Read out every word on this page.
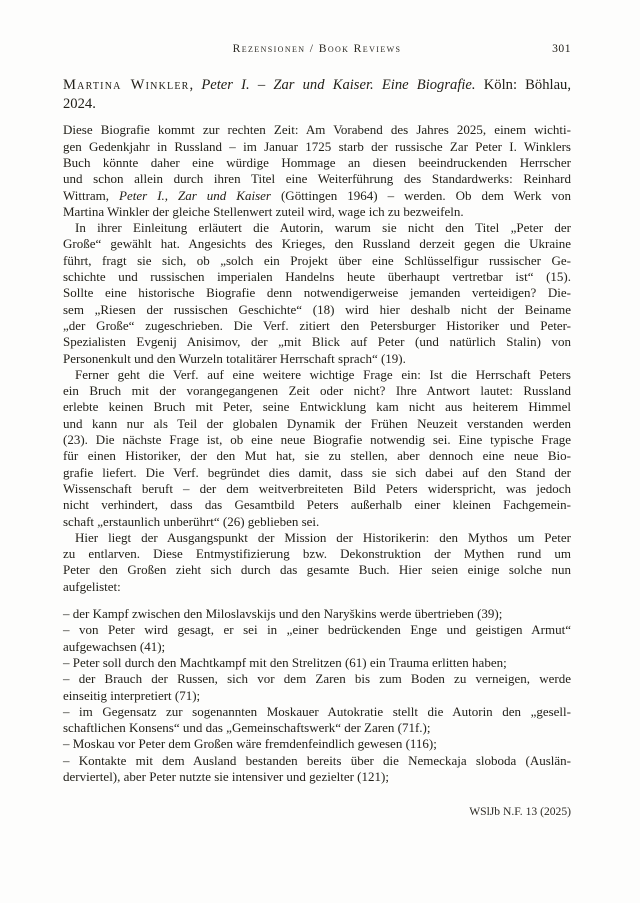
Rezensionen / Book Reviews	301
Martina Winkler, Peter I. – Zar und Kaiser. Eine Biografie. Köln: Böhlau,
2024.
Diese Biografie kommt zur rechten Zeit: Am Vorabend des Jahres 2025, einem wichti-
gen Gedenkjahr in Russland – im Januar 1725 starb der russische Zar Peter I. Winklers
Buch könnte daher eine würdige Hommage an diesen beeindruckenden Herrscher
und schon allein durch ihren Titel eine Weiterführung des Standardwerks: Reinhard
Wittram, Peter I., Zar und Kaiser (Göttingen 1964) – werden. Ob dem Werk von
Martina Winkler der gleiche Stellenwert zuteil wird, wage ich zu bezweifeln.
In ihrer Einleitung erläutert die Autorin, warum sie nicht den Titel „Peter der
Große“ gewählt hat. Angesichts des Krieges, den Russland derzeit gegen die Ukraine
führt, fragt sie sich, ob „solch ein Projekt über eine Schlüsselfigur russischer Ge-
schichte und russischen imperialen Handelns heute überhaupt vertretbar ist“ (15).
Sollte eine historische Biografie denn notwendigerweise jemanden verteidigen? Die-
sem „Riesen der russischen Geschichte“ (18) wird hier deshalb nicht der Beiname
„der Große“ zugeschrieben. Die Verf. zitiert den Petersburger Historiker und Peter-
Spezialisten Evgenij Anisimov, der „mit Blick auf Peter (und natürlich Stalin) von
Personenkult und den Wurzeln totalitärer Herrschaft sprach“ (19).
Ferner geht die Verf. auf eine weitere wichtige Frage ein: Ist die Herrschaft Peters
ein Bruch mit der vorangegangenen Zeit oder nicht? Ihre Antwort lautet: Russland
erlebte keinen Bruch mit Peter, seine Entwicklung kam nicht aus heiterem Himmel
und kann nur als Teil der globalen Dynamik der Frühen Neuzeit verstanden werden
(23). Die nächste Frage ist, ob eine neue Biografie notwendig sei. Eine typische Frage
für einen Historiker, der den Mut hat, sie zu stellen, aber dennoch eine neue Bio-
grafie liefert. Die Verf. begründet dies damit, dass sie sich dabei auf den Stand der
Wissenschaft beruft – der dem weitverbreiteten Bild Peters widerspricht, was jedoch
nicht verhindert, dass das Gesamtbild Peters außerhalb einer kleinen Fachgemein-
schaft „erstaunlich unberührt“ (26) geblieben sei.
Hier liegt der Ausgangspunkt der Mission der Historikerin: den Mythos um Peter
zu entlarven. Diese Entmystifizierung bzw. Dekonstruktion der Mythen rund um
Peter den Großen zieht sich durch das gesamte Buch. Hier seien einige solche nun
aufgelistet:
– der Kampf zwischen den Miloslavskijs und den Naryškins werde übertrieben (39);
– von Peter wird gesagt, er sei in „einer bedrückenden Enge und geistigen Armut“
aufgewachsen (41);
– Peter soll durch den Machtkampf mit den Strelitzen (61) ein Trauma erlitten haben;
– der Brauch der Russen, sich vor dem Zaren bis zum Boden zu verneigen, werde
einseitig interpretiert (71);
– im Gegensatz zur sogenannten Moskauer Autokratie stellt die Autorin den „gesell-
schaftlichen Konsens“ und das „Gemeinschaftswerk“ der Zaren (71f.);
– Moskau vor Peter dem Großen wäre fremdenfeindlich gewesen (116);
– Kontakte mit dem Ausland bestanden bereits über die Nemeckaja sloboda (Auslän-
derviertel), aber Peter nutzte sie intensiver und gezielter (121);
WSlJb N.F. 13 (2025)
